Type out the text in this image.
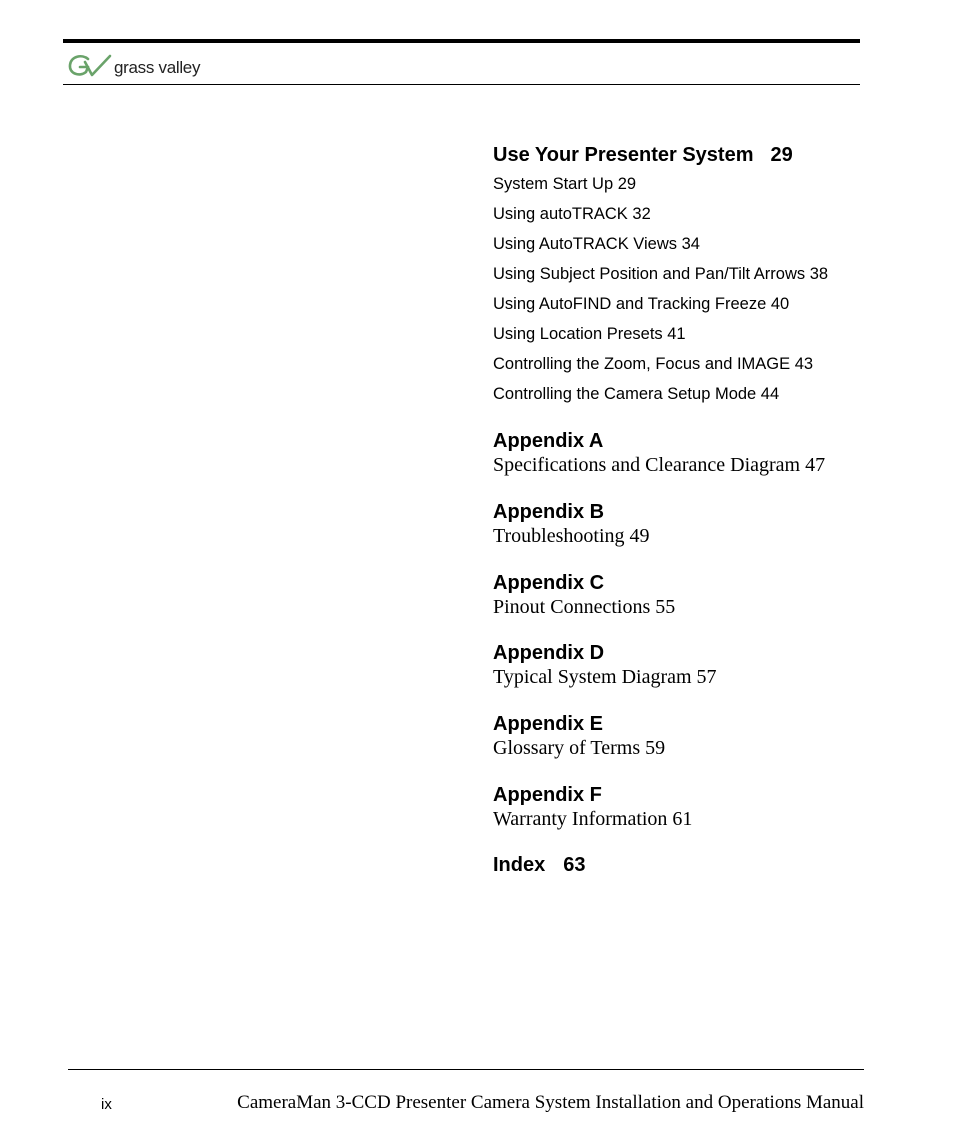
grass valley
Use Your Presenter System 29
System Start Up 29
Using autoTRACK 32
Using AutoTRACK Views 34
Using Subject Position and Pan/Tilt Arrows 38
Using AutoFIND and Tracking Freeze 40
Using Location Presets 41
Controlling the Zoom, Focus and IMAGE 43
Controlling the Camera Setup Mode 44
Appendix A
Specifications and Clearance Diagram 47
Appendix B
Troubleshooting 49
Appendix C
Pinout Connections 55
Appendix D
Typical System Diagram 57
Appendix E
Glossary of Terms 59
Appendix F
Warranty Information 61
Index 63
ix	CameraMan 3-CCD Presenter Camera System Installation and Operations Manual
